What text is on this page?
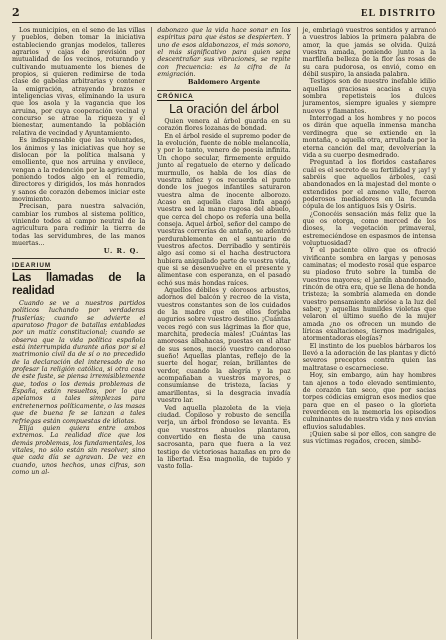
2	EL DISTRITO

Los municipios, en el seno de las villas y pueblos, deben tomar la iniciativa estableciendo granjas modelos, talleres agrarios y cajas de previsión por mutualidad de los vecinos, roturando y cultivando mutuamente los bienes de propios, si quieren redimirse de toda clase de gabelas arbitrarias y contener la emigración, atrayendo brazos e inteligencias vivas, eliminando la usura que los asola y la vagancia que los arruina, por cuya cooperación vecinal y concurso se atrae la riqueza y el bienestar, aumentando la población relativa de vecindad y Ayuntamiento.

Es indispensable que las voluntades, los ánimos y las iniciativas que hoy se dislocan por la política malsana y emolliente, que nos arruina y envilece, vengan a la redención por la agricultura, poniendo todos algo en el remedio, directores y dirigidos, los más honrados y sanos de corazón debemos iniciar este movimiento.

Precisan, para nuestra salvación, cambiar los rumbos al sistema político, viniendo todos al campo neutral de la agricultura para redimir la tierra de todas las servidumbres, de las manos muertas...

U. R. Q.
IDEARIUM
Las llamadas de la realidad

Cuando se ve a nuestros partidos políticos luchando por verdaderas fruslerías; cuando se advierte el aparatoso fragor de batallas entabladas por un matiz constitucional; cuando se observa que la vida política española está interrumpida durante años por si el matrimonio civil da de sí o no precedido de la declaración del interesado de no profesar la religión católica, si otra cosa de este fuste, se piensa irremisiblemente que, todos o los demás problemas de España, están resueltos, por lo que apelamos a tales simplezas para entretenernos políticamente, o las masas que de buena fe se lanzan a tales refriegas están compuestas de idiotas.

Elija quien quiera entre ambos extremos. La realidad dice que los demás problemas, los fundamentales, los vitales, no sólo están sin resolver, sino que cada día se agravan. De vez en cuando, unos hechos, unas cifras, son como un al-

dabonazo que la vida hace sonar en los espíritus para que éstos se despierten. Y uno de esos aldabonazos, el más sonoro, el más significativo para quien sepa descentrañar sus vibraciones, se repite con frecuencia: es la cifra de la emigración.

Baldomero Argente
CRÓNICA
La oración del árbol

Quien venera al árbol guarda en su corazón flores lozanas de bondad.

En el árbol reside el supremo poder de la evolución, fuente de noble melancolía, y por lo tanto, venero de poesía infinita. Un chopo secular, firmemente erguido junto al regatuelo de eterno y delicado murmullo, os habla de los días de vuestra niñez y os recuerda el punto donde los juegos infantiles saturaron vuestra alma de inocente alborozo. Acaso en aquella clara linfa apagó vuestra sed la mano rugosa del abuelo, que cerca del chopo os refería una bella consejа. Aquel árbol, señor del campo de vuestras correrías de antaño, se adentró perdurablemente en el santuario de vuestros afectos. Derribadlo y sentiréis algo así como si el hacha destructora hubiera aniquilado parte de vuestra vida, que si se desenvuelve en el presente y alimentase con esperanza, en el pasado echó sus más hondas raíces.

Aquellos débiles y olorosos arbustos, adornos del balcón y recreo de la vista, vuestros constantes son de los cuidados de la madre que en ellos forjaba augurios sobre vuestro destino. ¡Cuántas veces regó con sus lágrimas la flor que, marchita, predecía males! ¡Cuántas las amorosas albahacas, puestas en el altar de sus senos, mecíó vuestro candoroso sueño! Aquellas plantas, reflejo de la suerte del hogar, reían, brillantes de verdor, cuando la alegría y la paz acompañaban a vuestros mayores, o consumíanse de tristeza, lacias y amarillentas, si la desgracia invadía vuestro lar.

Ved aquella plazoleta de la vieja ciudad. Copiloso y robusto de sencilla verja, un árbol frondoso se levanta. Es que vuestros abuelos plantaron, convertido en fiesta de una causa sacrosanta, para que fuera a la vez testigo de victoriosas hazañas en pro de la libertad. Esa magnolia, de tupido y vasto folla-

je, embriagó vuestros sentidos y arrancó a vuestros labios la primera palabra de amor, la que jamás se olvida. Quizá vuestra amada, poniendo junto a la marfileña belleza de la flor las rosas de su cara pudorosa, os envió, como en débil suspiro, la ansiada palabra.

Testigos son de nuestro inefable idilio aquellas graciosas acacias a cuya sombra repetisteis los dulces juramentos, siempre iguales y siempre nuevos y flamantes.

Interrogad a los hombres y no pocos os dirán que aquella inmensa mancha verdinegra que se extiende en la montaña, o aquella otra, arrullada por la eterna canción del mar, devolverían la vida a su cuerpo desmedrado.

Preguntad a los floridos castañares cuál es el secreto de su fertilidad y ¡ay! y sabréis que aquellos árboles, casi abandonados en la majestad del monte o extendidos por el ameno valle, fueron poderosos mediadores en la fecunda cópula de los antiguos Isis y Osiris.

¿Conocéis sensación más feliz que la que os otorga, como merced de los dioses, la vegetación primaveral, estremeciéndose en espasmos de intensa voluptuosidad?

Y el paciente olivo que os ofreció vivificante sombra en largas y penosas caminatas; el modesto rosal que esparce su piadoso fruto sobre la tumba de vuestros mayores; el jardín abandonado, rincón de otra era, que se llena de honda tristeza; la sombría alameda en donde vuestro pensamiento abrióse a la luz del saber, y aquellas humildes violetas que velaron el último sueño de la mujer amada ¿no os ofrecen un mundo de líricas exaltaciones, tiernos madrigales, atormentadoras elegías?

El instinto de los pueblos bárbaros los llevó a la adoración de las plantas y dictó severos preceptos contra quien las maltratase o escarneciese.

Hoy, sin embargo, aún hay hombres tan ajenos a todo elevado sentimiento, de corazón tan seco, que por sacias torpes códicias emigran esos medios que para que en el paseo o la glorieta reverdecen en la memoria los episodios culminantes de nuestra vida y nos envían efluvios saludables.

¡Quien sabe si por ellos, con sangre de sus víctimas regados, crecen, simbó-
